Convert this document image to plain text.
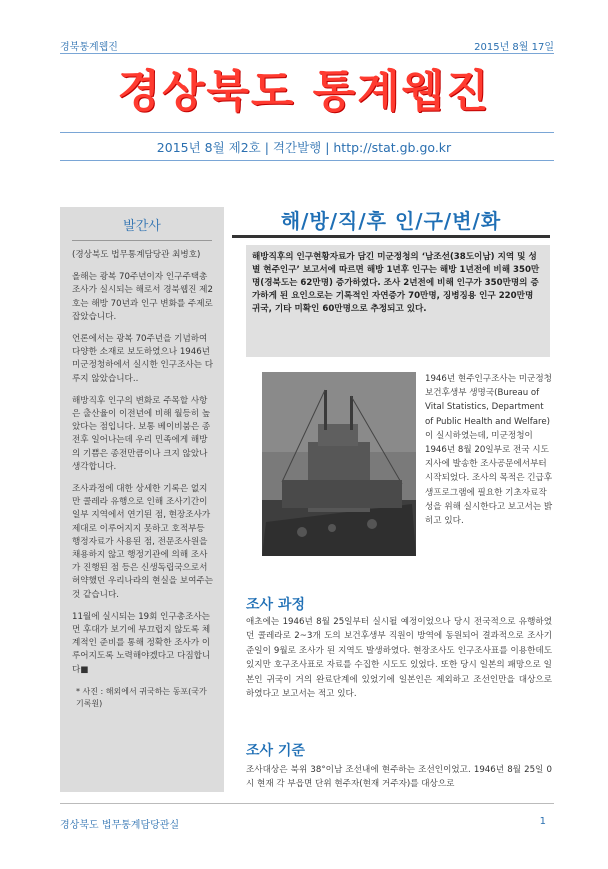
경북통계웹진	2015년 8월 17일
경상북도 통계웹진
2015년 8월 제2호 | 격간발행 | http://stat.gb.go.kr
발간사

(경상북도 법무통계담당관 최병호)

올해는 광복 70주년이자 인구주택총조사가 실시되는 해로서 경북웹진 제2호는 해방 70년과 인구 변화를 주제로 잡았습니다.

언론에서는 광복 70주년을 기념하여 다양한 소재로 보도하였으나 1946년 미군정청하에서 실시한 인구조사는 다루지 않았습니다..

해방직후 인구의 변화로 주목할 사항은 출산율이 이전년에 비해 월등히 높았다는 점입니다. 보통 베이비붐은 종전후 일어나는데 우리 민족에게 해방의 기쁨은 종전만큼이나 크지 않았나 생각합니다.

조사과정에 대한 상세한 기록은 없지만 콜레라 유행으로 인해 조사기간이 일부 지역에서 연기된 점, 현장조사가 제대로 이루어지지 못하고 호적부등 행정자료가 사용된 점, 전문조사원을 채용하지 않고 행정기관에 의해 조사가 진행된 점 등은 신생독립국으로서 허약했던 우리나라의 현실을 보여주는 것 같습니다.

11월에 실시되는 19회 인구총조사는 먼 후대가 보기에 부끄럽지 않도록 체계적인 준비를 통해 정확한 조사가 이루어지도록 노력해야겠다고 다짐합니다■

* 사진 : 해외에서 귀국하는 동포(국가기록원)
해/방/직/후 인/구/변/화

해방직후의 인구현황자료가 담긴 미군정청의 ‘남조선(38도이남) 지역 및 성별 현주인구’ 보고서에 따르면 해방 1년후 인구는 해방 1년전에 비해 350만명(경북도는 62만명) 증가하였다. 조사 2년전에 비해 인구가 350만명의 증가하게 된 요인으로는 기록적인 자연증가 70만명, 징병징용 인구 220만명 귀국, 기타 미확인 60만명으로 추정되고 있다.

1946년 현주인구조사는 미군정청 보건후생부 생명국(Bureau of Vital Statistics, Department of Public Health and Welfare)이 실시하였는데, 미군정청이 1946년 8월 20일부로 전국 시도지사에 발송한 조사공문에서부터 시작되었다. 조사의 목적은 긴급후생프로그램에 필요한 기초자료작성을 위해 실시한다고 보고서는 밝히고 있다.
조사 과정
애초에는 1946년 8월 25일부터 실시될 예정이었으나 당시 전국적으로 유행하였던 콜레라로 2~3개 도의 보건후생부 직원이 방역에 동원되어 결과적으로 조사기준일이 9월로 조사가 된 지역도 발생하였다. 현장조사도 인구조사표를 이용한데도 있지만 호구조사표로 자료를 수집한 시도도 있었다. 또한 당시 일본의 패망으로 일본인 귀국이 거의 완료단계에 있었기에 일본인은 제외하고 조선인만을 대상으로 하였다고 보고서는 적고 있다.
조사 기준
조사대상은 북위 38°이남 조선내에 현주하는 조선인이었고. 1946년 8월 25일 0시 현재 각 부읍면 단위 현주자(현재 거주자)를 대상으로
경상북도 법무통계담당관실	1
